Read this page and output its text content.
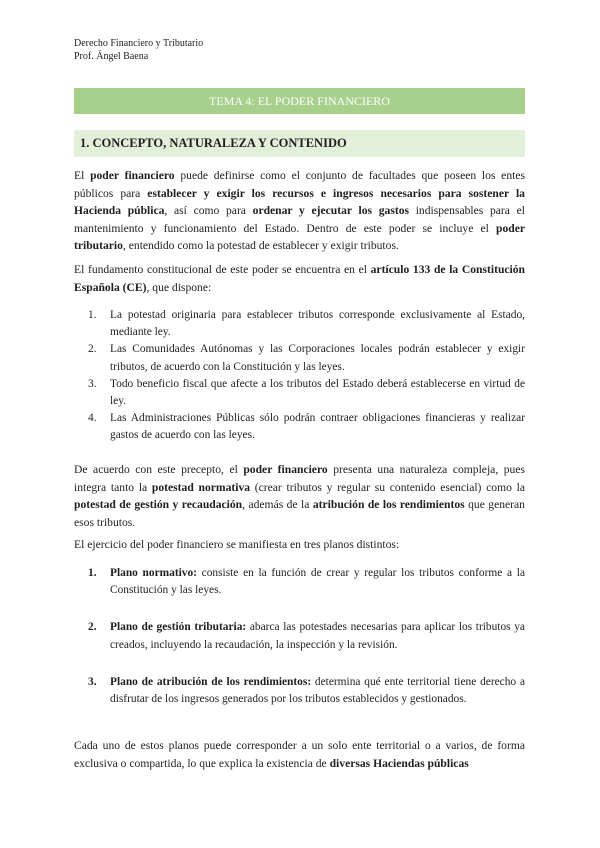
Derecho Financiero y Tributario
Prof. Ángel Baena
TEMA 4: EL PODER FINANCIERO
1. CONCEPTO, NATURALEZA Y CONTENIDO

El poder financiero puede definirse como el conjunto de facultades que poseen los entes públicos para establecer y exigir los recursos e ingresos necesarios para sostener la Hacienda pública, así como para ordenar y ejecutar los gastos indispensables para el mantenimiento y funcionamiento del Estado. Dentro de este poder se incluye el poder tributario, entendido como la potestad de establecer y exigir tributos.

El fundamento constitucional de este poder se encuentra en el artículo 133 de la Constitución Española (CE), que dispone:

1. La potestad originaria para establecer tributos corresponde exclusivamente al Estado, mediante ley.
2. Las Comunidades Autónomas y las Corporaciones locales podrán establecer y exigir tributos, de acuerdo con la Constitución y las leyes.
3. Todo beneficio fiscal que afecte a los tributos del Estado deberá establecerse en virtud de ley.
4. Las Administraciones Públicas sólo podrán contraer obligaciones financieras y realizar gastos de acuerdo con las leyes.

De acuerdo con este precepto, el poder financiero presenta una naturaleza compleja, pues integra tanto la potestad normativa (crear tributos y regular su contenido esencial) como la potestad de gestión y recaudación, además de la atribución de los rendimientos que generan esos tributos.

El ejercicio del poder financiero se manifiesta en tres planos distintos:

1. Plano normativo: consiste en la función de crear y regular los tributos conforme a la Constitución y las leyes.
2. Plano de gestión tributaria: abarca las potestades necesarias para aplicar los tributos ya creados, incluyendo la recaudación, la inspección y la revisión.
3. Plano de atribución de los rendimientos: determina qué ente territorial tiene derecho a disfrutar de los ingresos generados por los tributos establecidos y gestionados.

Cada uno de estos planos puede corresponder a un solo ente territorial o a varios, de forma exclusiva o compartida, lo que explica la existencia de diversas Haciendas públicas
